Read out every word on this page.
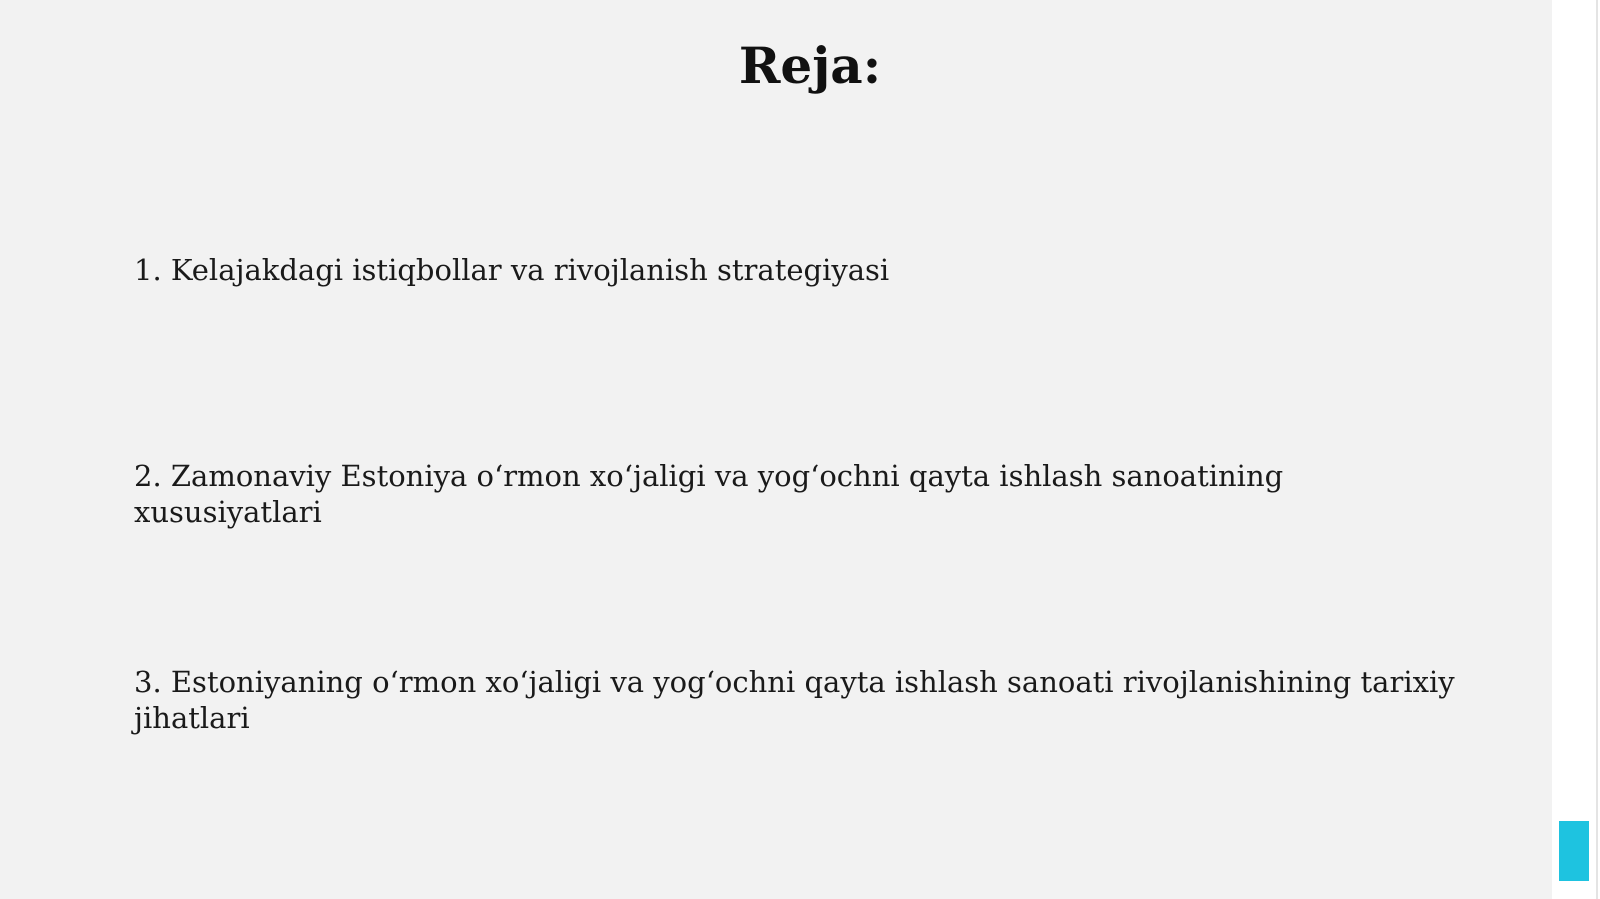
Reja:

1. Kelajakdagi istiqbollar va rivojlanish strategiyasi

2. Zamonaviy Estoniya o‘rmon xo‘jaligi va yog‘ochni qayta ishlash sanoatining xususiyatlari

3. Estoniyaning o‘rmon xo‘jaligi va yog‘ochni qayta ishlash sanoati rivojlanishining tarixiy jihatlari
